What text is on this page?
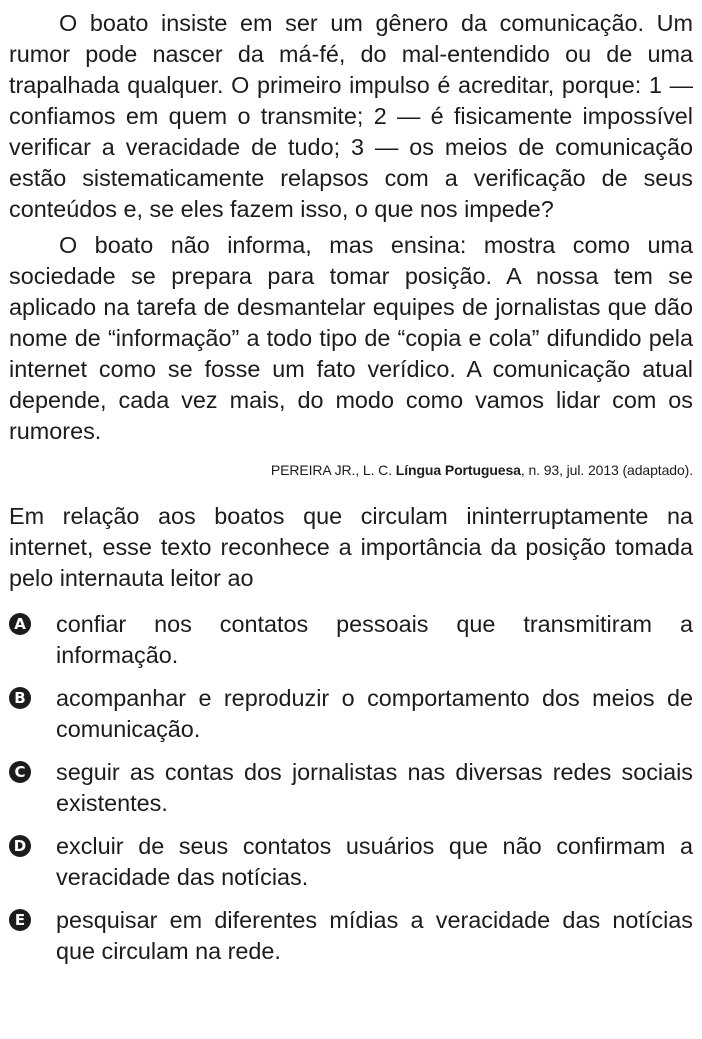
O boato insiste em ser um gênero da comunicação. Um rumor pode nascer da má-fé, do mal-entendido ou de uma trapalhada qualquer. O primeiro impulso é acreditar, porque: 1 — confiamos em quem o transmite; 2 — é fisicamente impossível verificar a veracidade de tudo; 3 — os meios de comunicação estão sistematicamente relapsos com a verificação de seus conteúdos e, se eles fazem isso, o que nos impede?

O boato não informa, mas ensina: mostra como uma sociedade se prepara para tomar posição. A nossa tem se aplicado na tarefa de desmantelar equipes de jornalistas que dão nome de “informação” a todo tipo de “copia e cola” difundido pela internet como se fosse um fato verídico. A comunicação atual depende, cada vez mais, do modo como vamos lidar com os rumores.

PEREIRA JR., L. C. Língua Portuguesa, n. 93, jul. 2013 (adaptado).

Em relação aos boatos que circulam ininterruptamente na internet, esse texto reconhece a importância da posição tomada pelo internauta leitor ao

A confiar nos contatos pessoais que transmitiram a informação.
B acompanhar e reproduzir o comportamento dos meios de comunicação.
C seguir as contas dos jornalistas nas diversas redes sociais existentes.
D excluir de seus contatos usuários que não confirmam a veracidade das notícias.
E pesquisar em diferentes mídias a veracidade das notícias que circulam na rede.
